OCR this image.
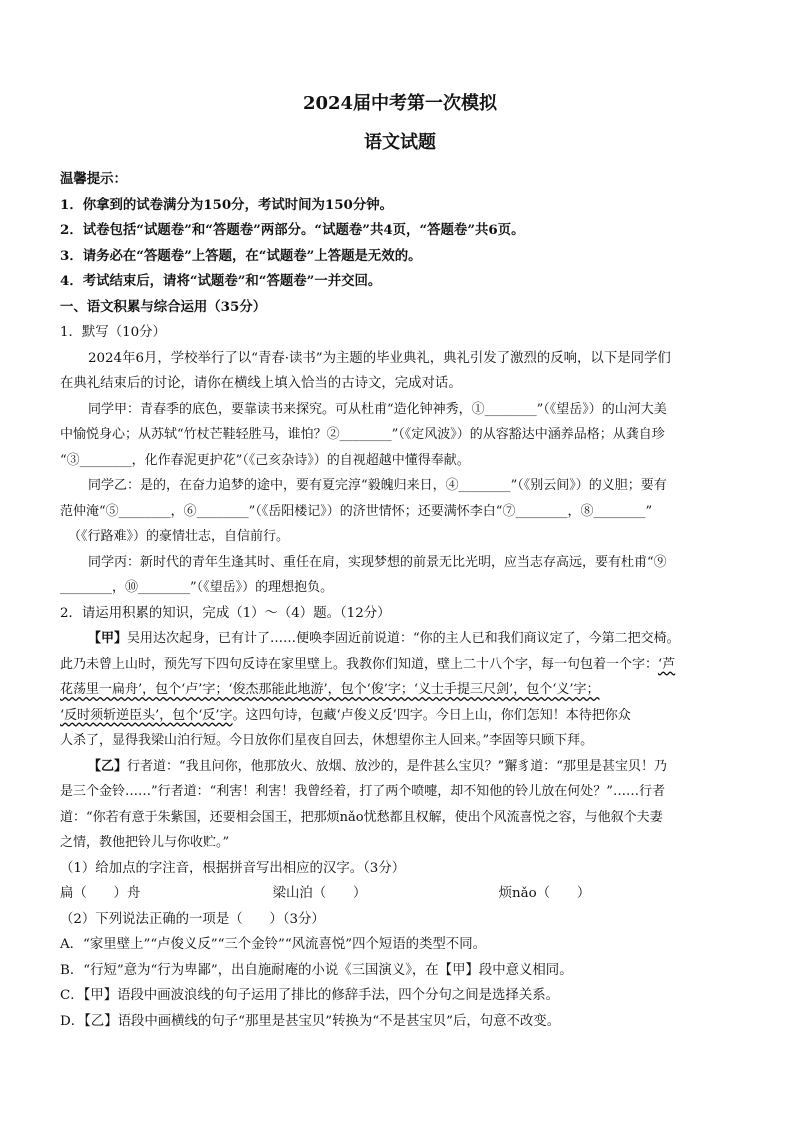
2024届中考第一次模拟

语文试题

温馨提示：

1．你拿到的试卷满分为150分，考试时间为150分钟。

2．试卷包括“试题卷”和“答题卷”两部分。“试题卷”共4页，“答题卷”共6页。

3．请务必在“答题卷”上答题，在“试题卷”上答题是无效的。

4．考试结束后，请将“试题卷”和“答题卷”一并交回。

一、语文积累与综合运用（35分）

1．默写（10分）

2024年6月，学校举行了以“青春·读书”为主题的毕业典礼，典礼引发了激烈的反响，以下是同学们

在典礼结束后的讨论，请你在横线上填入恰当的古诗文，完成对话。

同学甲：青春季的底色，要靠读书来探究。可从杜甫“造化钟神秀，①________”（《望岳》）的山河大美

中愉悦身心；从苏轼“竹杖芒鞋轻胜马，谁怕？②________”（《定风波》）的从容豁达中涵养品格；从龚自珍

“③________，化作春泥更护花”（《己亥杂诗》）的自视超越中懂得奉献。

同学乙：是的，在奋力追梦的途中，要有夏完淳“毅魄归来日，④________”（《别云间》）的义胆；要有

范仲淹“⑤________，⑥________”（《岳阳楼记》）的济世情怀；还要满怀李白“⑦________，⑧________”

（《行路难》）的豪情壮志，自信前行。

同学丙：新时代的青年生逢其时、重任在肩，实现梦想的前景无比光明，应当志存高远，要有杜甫“⑨

________，⑩________”（《望岳》）的理想抱负。

2．请运用积累的知识，完成（1）～（4）题。（12分）

【甲】吴用达次起身，已有计了……便唤李固近前说道：“你的主人已和我们商议定了，今第二把交椅。

此乃未曾上山时，预先写下四句反诗在家里壁上。我教你们知道，壁上二十八个字，每一句包着一个字：‘芦

花荡里一扁舟’，包个‘卢’字；‘俊杰那能此地游’，包个‘俊’字；‘义士手提三尺剑’，包个‘义’字；

‘反时须斩逆臣头’，包个‘反’字。这四句诗，包藏‘卢俊义反’四字。今日上山，你们怎知！本待把你众

人杀了，显得我梁山泊行短。今日放你们星夜自回去，休想望你主人回来。”李固等只顾下拜。

【乙】行者道：“我且问你，他那放火、放烟、放沙的，是件甚么宝贝？”獬豸道：“那里是甚宝贝！乃

是三个金铃……”行者道：“利害！利害！我曾经着，打了两个喷嚏，却不知他的铃儿放在何处？”……行者

道：“你若有意于朱紫国，还要相会国王，把那烦nǎo忧愁都且权解，使出个风流喜悦之容，与他叙个夫妻

之情，教他把铃儿与你收贮。”

（1）给加点的字注音，根据拼音写出相应的汉字。（3分）

扁（　　）舟	梁山泊（　　）	烦nǎo（　　）

（2）下列说法正确的一项是（　　）（3分）

A．“家里壁上”“卢俊义反”“三个金铃”“风流喜悦”四个短语的类型不同。

B．“行短”意为“行为卑鄙”，出自施耐庵的小说《三国演义》，在【甲】段中意义相同。

C．【甲】语段中画波浪线的句子运用了排比的修辞手法，四个分句之间是选择关系。

D．【乙】语段中画横线的句子“那里是甚宝贝”转换为“不是甚宝贝”后，句意不改变。
